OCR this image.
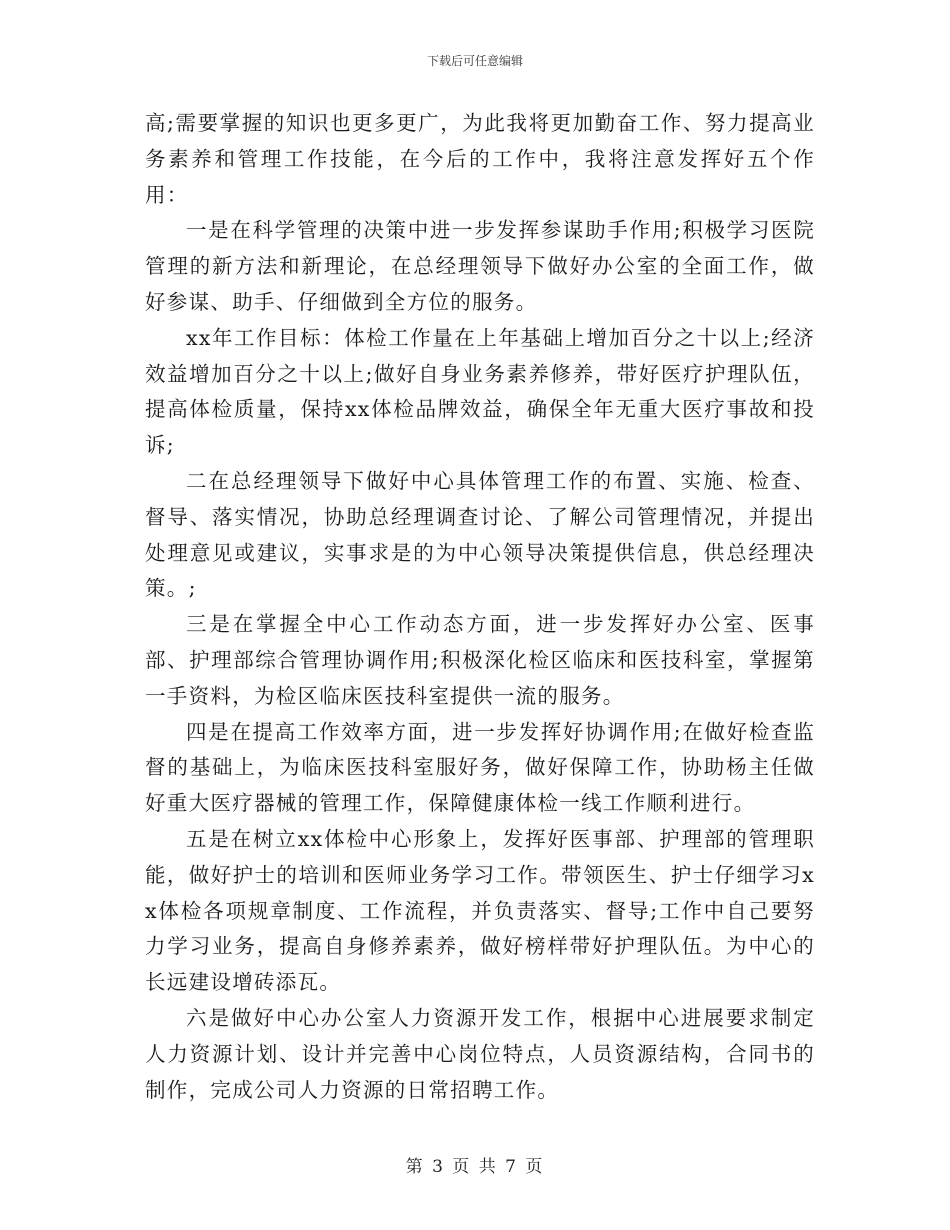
下载后可任意编辑

高;需要掌握的知识也更多更广，为此我将更加勤奋工作、努力提高业务素养和管理工作技能，在今后的工作中，我将注意发挥好五个作用：

一是在科学管理的决策中进一步发挥参谋助手作用;积极学习医院管理的新方法和新理论，在总经理领导下做好办公室的全面工作，做好参谋、助手、仔细做到全方位的服务。

xx年工作目标：体检工作量在上年基础上增加百分之十以上;经济效益增加百分之十以上;做好自身业务素养修养，带好医疗护理队伍，提高体检质量，保持xx体检品牌效益，确保全年无重大医疗事故和投诉;

二在总经理领导下做好中心具体管理工作的布置、实施、检查、督导、落实情况，协助总经理调查讨论、了解公司管理情况，并提出处理意见或建议，实事求是的为中心领导决策提供信息，供总经理决策。;

三是在掌握全中心工作动态方面，进一步发挥好办公室、医事部、护理部综合管理协调作用;积极深化检区临床和医技科室，掌握第一手资料，为检区临床医技科室提供一流的服务。

四是在提高工作效率方面，进一步发挥好协调作用;在做好检查监督的基础上，为临床医技科室服好务，做好保障工作，协助杨主任做好重大医疗器械的管理工作，保障健康体检一线工作顺利进行。

五是在树立xx体检中心形象上，发挥好医事部、护理部的管理职能，做好护士的培训和医师业务学习工作。带领医生、护士仔细学习xx体检各项规章制度、工作流程，并负责落实、督导;工作中自己要努力学习业务，提高自身修养素养，做好榜样带好护理队伍。为中心的长远建设增砖添瓦。

六是做好中心办公室人力资源开发工作，根据中心进展要求制定人力资源计划、设计并完善中心岗位特点，人员资源结构，合同书的制作，完成公司人力资源的日常招聘工作。

第 3 页 共 7 页
